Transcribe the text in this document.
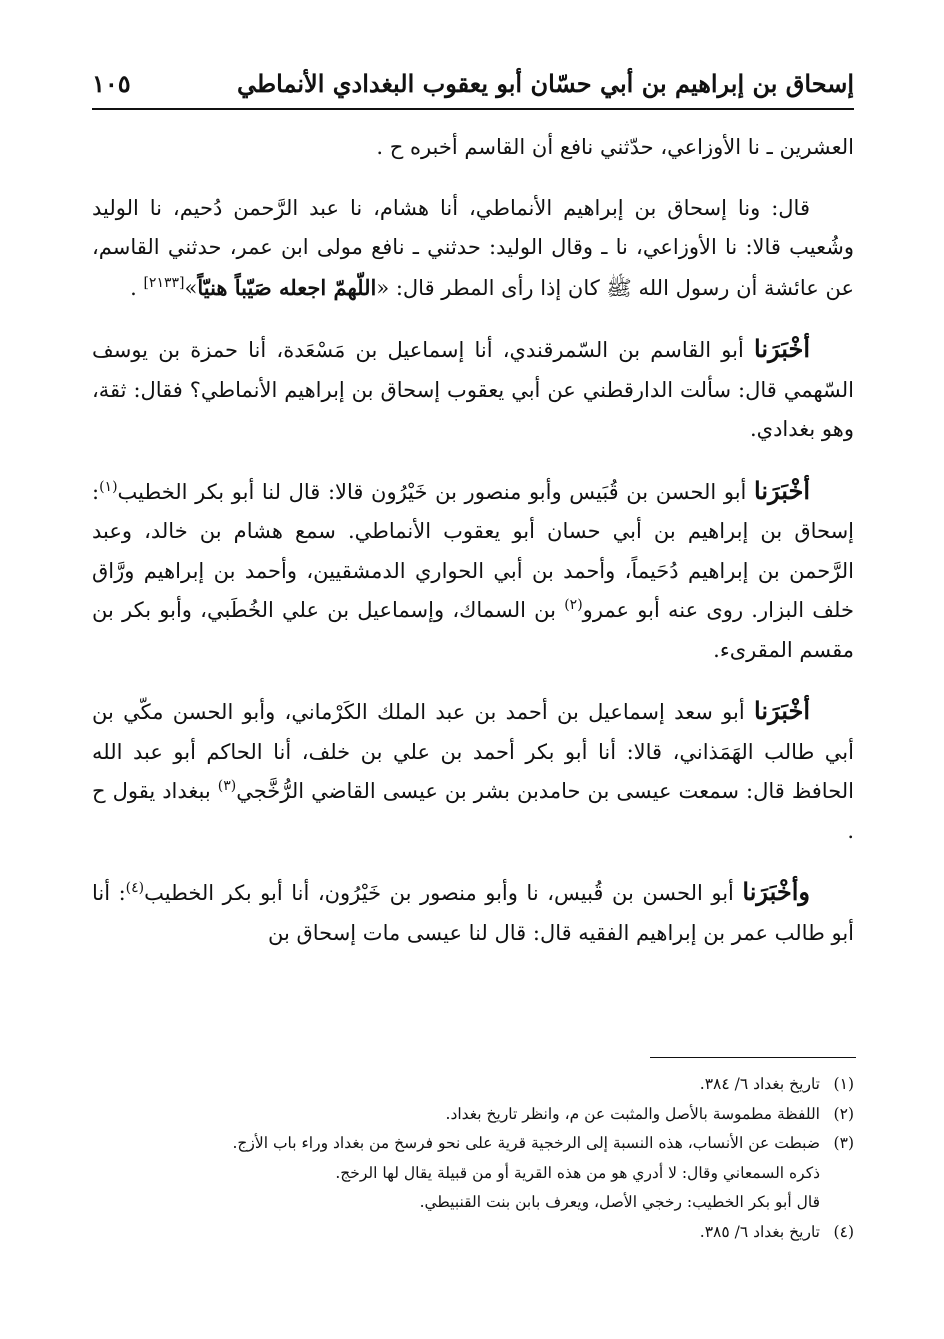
إسحاق بن إبراهيم بن أبي حسّان أبو يعقوب البغدادي الأنماطي
١٠٥

العشرين ـ نا الأوزاعي، حدّثني نافع أن القاسم أخبره ح .

قال: ونا إسحاق بن إبراهيم الأنماطي، أنا هشام، نا عبد الرَّحمن دُحيم، نا الوليد وشُعيب قالا: نا الأوزاعي، نا ـ وقال الوليد: حدثني ـ نافع مولى ابن عمر، حدثني القاسم، عن عائشة أن رسول الله ﷺ كان إذا رأى المطر قال: «اللّهمّ اجعله صَيّباً هنيّاً»[٢١٣٣] .

أخْبَرَنا أبو القاسم بن السّمرقندي، أنا إسماعيل بن مَسْعَدة، أنا حمزة بن يوسف السّهمي قال: سألت الدارقطني عن أبي يعقوب إسحاق بن إبراهيم الأنماطي؟ فقال: ثقة، وهو بغدادي.

أخْبَرَنا أبو الحسن بن قُبَيس وأبو منصور بن خَيْرُون قالا: قال لنا أبو بكر الخطيب$^{(١)}$: إسحاق بن إبراهيم بن أبي حسان أبو يعقوب الأنماطي. سمع هشام بن خالد، وعبد الرَّحمن بن إبراهيم دُحَيماً، وأحمد بن أبي الحواري الدمشقيين، وأحمد بن إبراهيم ورَّاق خلف البزار. روى عنه أبو عمرو$^{(٢)}$ بن السماك، وإسماعيل بن علي الخُطَبي، وأبو بكر بن مقسم المقرىء.

أخْبَرَنا أبو سعد إسماعيل بن أحمد بن عبد الملك الكَرْماني، وأبو الحسن مكّي بن أبي طالب الهَمَذاني، قالا: أنا أبو بكر أحمد بن علي بن خلف، أنا الحاكم أبو عبد الله الحافظ قال: سمعت عيسى بن حامدبن بشر بن عيسى القاضي الرُّخَّجي$^{(٣)}$ ببغداد يقول ح .

وأخْبَرَنا أبو الحسن بن قُبيس، نا وأبو منصور بن خَيْرُون، أنا أبو بكر الخطيب$^{(٤)}$: أنا أبو طالب عمر بن إبراهيم الفقيه قال: قال لنا عيسى مات إسحاق بن

(١)
تاريخ بغداد ٦/ ٣٨٤.
(٢)
اللفظة مطموسة بالأصل والمثبت عن م، وانظر تاريخ بغداد.
(٣)
ضبطت عن الأنساب، هذه النسبة إلى الرخجية قرية على نحو فرسخ من بغداد وراء باب الأزج.
ذكره السمعاني وقال: لا أدري هو من هذه القرية أو من قبيلة يقال لها الرخج.
قال أبو بكر الخطيب: رخجي الأصل، ويعرف بابن بنت القنبيطي.
(٤)
تاريخ بغداد ٦/ ٣٨٥.
